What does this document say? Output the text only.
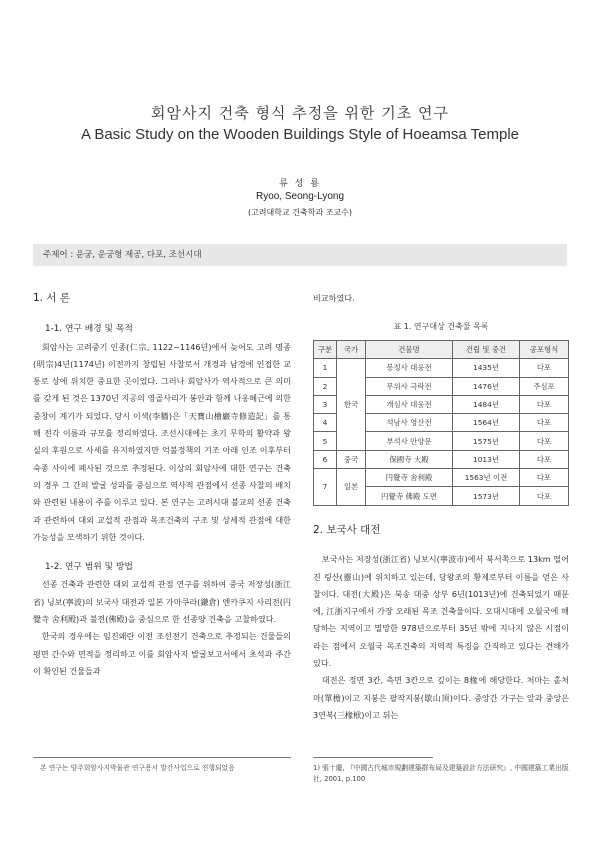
회암사지 건축 형식 추정을 위한 기초 연구
A Basic Study on the Wooden Buildings Style of Hoeamsa Temple
류 성 룡
Ryoo, Seong-Lyong
(고려대학교 건축학과 조교수)
주제어 : 운궁, 운궁형 제공, 다포, 조선시대
1. 서 론
1-1. 연구 배경 및 목적

회암사는 고려중기 인종(仁宗, 1122~1146년)에서 늦어도 고려 명종(明宗)4년(1174년) 이전까지 창립된 사찰로서 개경과 남경에 인접한 교통로 상에 위치한 중요한 곳이었다. 그러나 회암사가 역사적으로 큰 의미를 갖게 된 것은 1370년 지공의 영골사리가 봉안과 함께 나옹혜근에 의한 중창이 계기가 되었다. 당시 이색(李穡)은「天寶山檜巖寺修造記」를 통해 전각 이름과 규모를 정리하였다. 조선시대에는 초기 무학의 활약과 왕실의 후원으로 사세를 유지하였지만 억불정책의 기조 아래 인조 이후부터 숙종 사이에 폐사된 것으로 추정된다. 이상의 회암사에 대한 연구는 건축의 경우 그 간의 발굴 성과를 중심으로 역사적 관점에서 선종 사찰의 배치와 관련된 내용이 주를 이루고 있다. 본 연구는 고려시대 불교의 선종 건축과 관련하여 대외 교섭적 관점과 목조건축의 구조 및 상세적 관점에 대한 가능성을 모색하기 위한 것이다.

1-2. 연구 범위 및 방법

선종 건축과 관련한 대외 교섭적 관점 연구를 위하여 중국 저장성(浙江省) 닝보(寧波)의 보국사 대전과 일본 가마쿠라(鎌倉) 엔카쿠지 사리전(円覺寺 舍利殿)과 불전(佛殿)을 중심으로 한 선종양 건축을 고찰하였다.

한국의 경우에는 임진왜란 이전 조선전기 건축으로 추정되는 건물들의 평면 간수와 면적을 정리하고 이를 회암사지 발굴보고서에서 초석과 주간이 확인된 건물들과

본 연구는 양주회암사지박물관 연구용서 발간사업으로 진행되었음

비교하였다.

표 1. 연구대상 건축물 목록
구분	국가	건물명	건립 및 중건	공포형식
1	한국	봉정사 대웅전	1435년	다포
2		무위사 극락전	1476년	주심포
3		개심사 대웅전	1484년	다포
4		석남사 영산전	1564년	다포
5		부석사 안양문	1575년	다포
6	중국	保國寺 大殿	1013년	다포
7	일본	円覺寺 舍利殿	1563년 이전	다포
		円覺寺 佛殿 도면	1573년	다포
2. 보국사 대전

보국사는 저장성(浙江省) 닝보시(寧波市)에서 북서쪽으로 13km 떨어진 링산(靈山)에 위치하고 있는데, 당왕조의 황제로부터 이름을 얻은 사찰이다. 대전(大殿)은 북송 대중 상부 6년(1013년)에 건축되었기 때문에, 江浙지구에서 가장 오래된 목조 건축물이다. 오대시대에 오월국에 해당하는 지역이고 멸망한 978년으로부터 35년 밖에 지나지 않은 시점이라는 점에서 오월국 목조건축의 지역적 특징을 간직하고 있다는 견해가 있다.

대전은 정면 3칸, 측면 3칸으로 깊이는 8椽에 해당한다. 처마는 홑처마(單檐)이고 지붕은 팔작지붕(歇山頂)이다. 중앙간 가구는 앞과 중앙은 3연복(三椽栿)이고 뒤는

1) 張十慶, 『中國古代城市規劃建築群布局及建築設計方法研究』, 中國建築工業出版社, 2001, p.100
